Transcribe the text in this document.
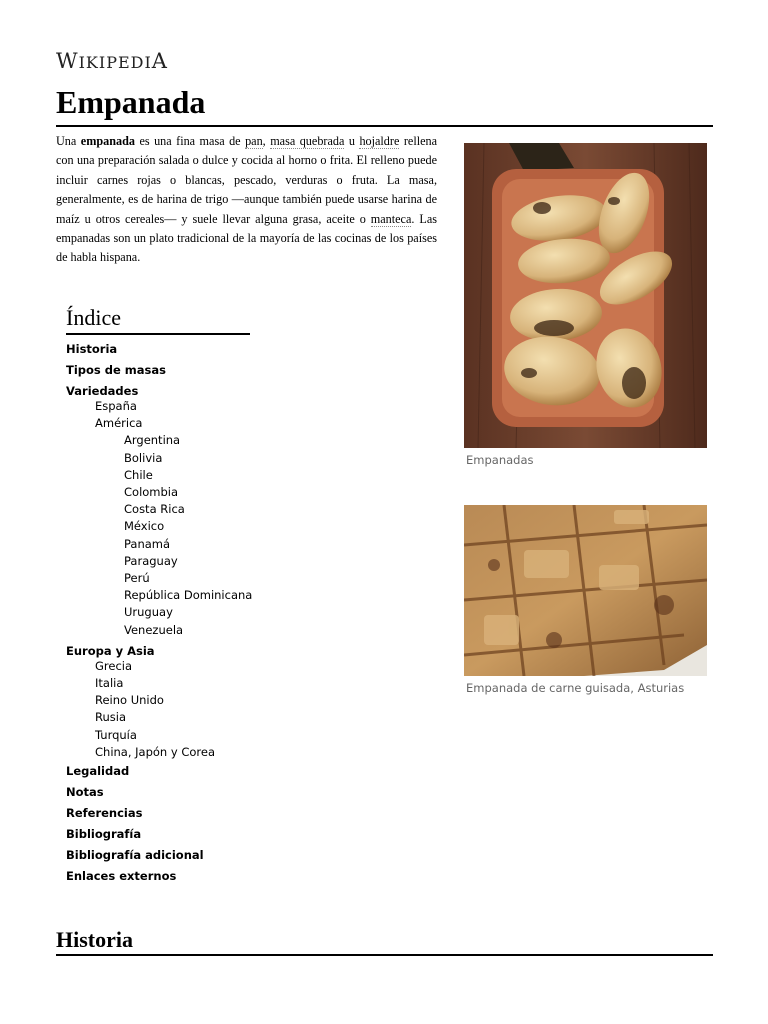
WIKIPEDIA
Empanada

Una empanada es una fina masa de pan, masa quebrada u hojaldre rellena con una preparación salada o dulce y cocida al horno o frita. El relleno puede incluir carnes rojas o blancas, pescado, verduras o fruta. La masa, generalmente, es de harina de trigo —aunque también puede usarse harina de maíz u otros cereales— y suele llevar alguna grasa, aceite o manteca. Las empanadas son un plato tradicional de la mayoría de las cocinas de los países de habla hispana.

Empanadas
Empanada de carne guisada, Asturias
Índice
Historia
Tipos de masas
Variedades
España
América
Argentina
Bolivia
Chile
Colombia
Costa Rica
México
Panamá
Paraguay
Perú
República Dominicana
Uruguay
Venezuela
Europa y Asia
Grecia
Italia
Reino Unido
Rusia
Turquía
China, Japón y Corea
Legalidad
Notas
Referencias
Bibliografía
Bibliografía adicional
Enlaces externos
Historia
